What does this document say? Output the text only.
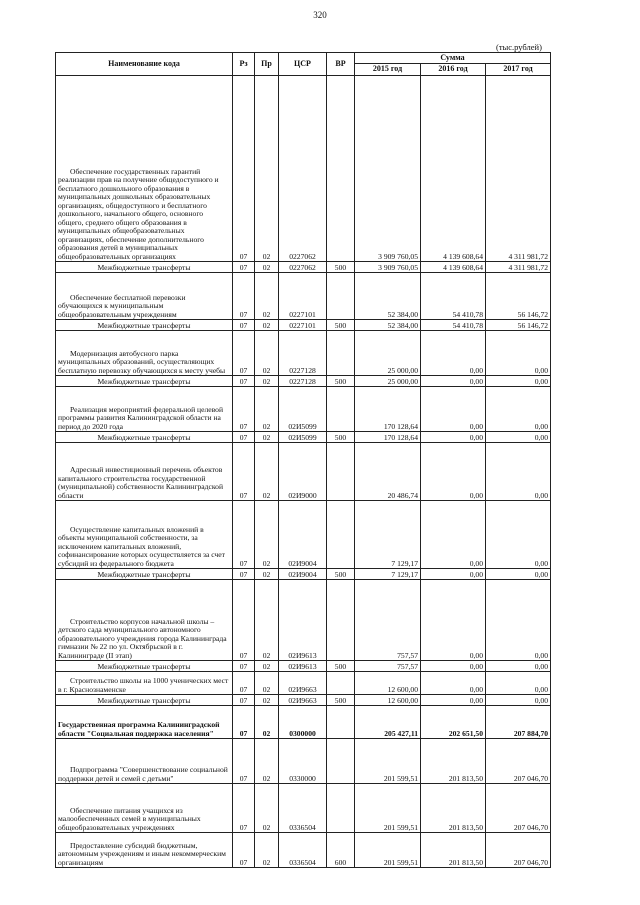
320
(тыс.рублей)
Наименование кода	Рз	Пр	ЦСР	ВР	Сумма		
					2015 год	2016 год	2017 год
Обеспечение государственных гарантий реализации прав на получение общедоступного и бесплатного дошкольного образования в муниципальных дошкольных образовательных организациях, общедоступного и бесплатного дошкольного, начального общего, основного общего, среднего общего образования в муниципальных общеобразовательных организациях, обеспечение дополнительного образования детей в муниципальных общеобразовательных организациях	07	02	0227062		3 909 760,05	4 139 608,64	4 311 981,72
Межбюджетные трансферты	07	02	0227062	500	3 909 760,05	4 139 608,64	4 311 981,72
Обеспечение бесплатной перевозки обучающихся к муниципальным общеобразовательным учреждениям	07	02	0227101		52 384,00	54 410,78	56 146,72
Межбюджетные трансферты	07	02	0227101	500	52 384,00	54 410,78	56 146,72
Модернизация автобусного парка муниципальных образований, осуществляющих бесплатную перевозку обучающихся к месту учебы	07	02	0227128		25 000,00	0,00	0,00
Межбюджетные трансферты	07	02	0227128	500	25 000,00	0,00	0,00
Реализация мероприятий федеральной целевой программы развития Калининградской области на период до 2020 года	07	02	02И5099		170 128,64	0,00	0,00
Межбюджетные трансферты	07	02	02И5099	500	170 128,64	0,00	0,00
Адресный инвестиционный перечень объектов капитального строительства государственной (муниципальной) собственности Калининградской области	07	02	02И9000		20 486,74	0,00	0,00
Осуществление капитальных вложений в объекты муниципальной собственности, за исключением капитальных вложений, софинансирование которых осуществляется за счет субсидий из федерального бюджета	07	02	02И9004		7 129,17	0,00	0,00
Межбюджетные трансферты	07	02	02И9004	500	7 129,17	0,00	0,00
Строительство корпусов начальной школы – детского сада муниципального автономного образовательного учреждения города Калининграда гимназии № 22 по ул. Октябрьской в г. Калининграде (II этап)	07	02	02И9613		757,57	0,00	0,00
Межбюджетные трансферты	07	02	02И9613	500	757,57	0,00	0,00
Строительство школы на 1000 ученических мест в г. Краснознаменске	07	02	02И9663		12 600,00	0,00	0,00
Межбюджетные трансферты	07	02	02И9663	500	12 600,00	0,00	0,00
Государственная программа Калининградской области "Социальная поддержка населения"	07	02	0300000		205 427,11	202 651,50	207 884,70
Подпрограмма "Совершенствование социальной поддержки детей и семей с детьми"	07	02	0330000		201 599,51	201 813,50	207 046,70
Обеспечение питания учащихся из малообеспеченных семей в муниципальных общеобразовательных учреждениях	07	02	0336504		201 599,51	201 813,50	207 046,70
Предоставление субсидий бюджетным, автономным учреждениям и иным некоммерческим организациям	07	02	0336504	600	201 599,51	201 813,50	207 046,70
